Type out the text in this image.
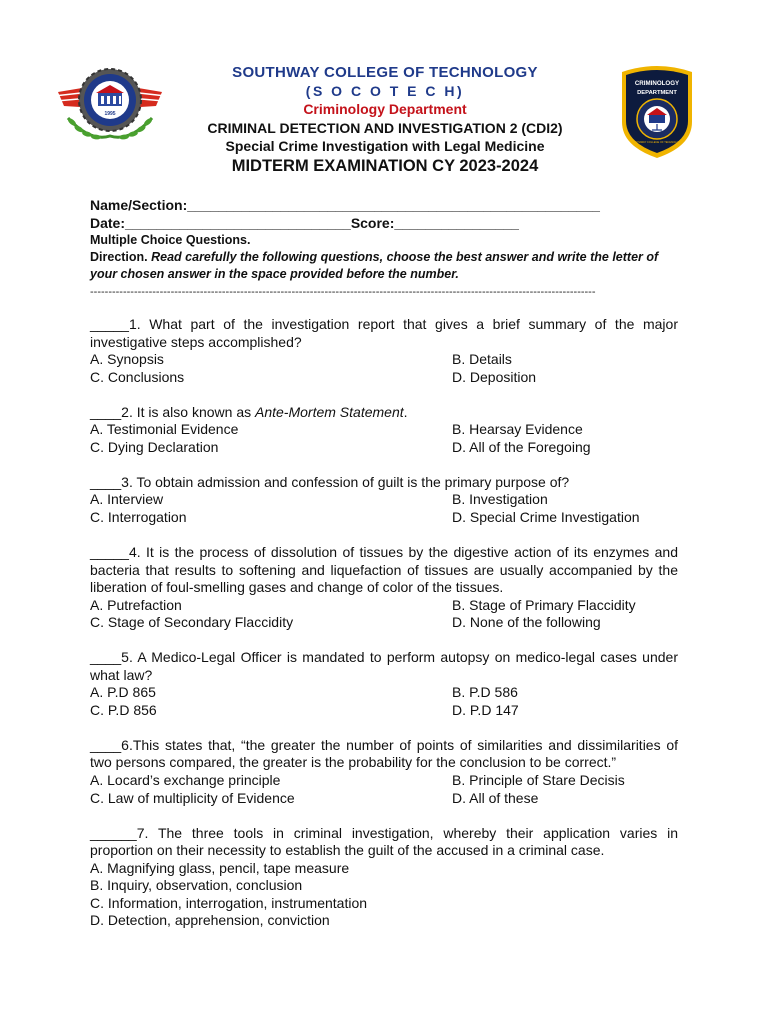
1995
SOUTHWAY COLLEGE OF TECHNOLOGY
(S O C O T E C H)
Criminology Department
CRIMINAL DETECTION AND INVESTIGATION 2 (CDI2)
Special Crime Investigation with Legal Medicine
MIDTERM EXAMINATION CY 2023-2024
CRIMINOLOGY
DEPARTMENT
SOUTHWAY COLLEGE OF TECHNOLOGY
Name/Section:_____________________________________________________
Date:_____________________________Score:________________
Multiple Choice Questions.
Direction. Read carefully the following questions, choose the best answer and write the letter of your chosen answer in the space provided before the number.
------------------------------------------------------------------------------------------------------------------------------------------
_____1. What part of the investigation report that gives a brief summary of the major investigative steps accomplished?
A. Synopsis	B. Details
C. Conclusions	D. Deposition
____2. It is also known as Ante-Mortem Statement.
A. Testimonial Evidence	B. Hearsay Evidence
C. Dying Declaration	D. All of the Foregoing
____3. To obtain admission and confession of guilt is the primary purpose of?
A. Interview	B. Investigation
C. Interrogation	D. Special Crime Investigation
_____4. It is the process of dissolution of tissues by the digestive action of its enzymes and bacteria that results to softening and liquefaction of tissues are usually accompanied by the liberation of foul-smelling gases and change of color of the tissues.
A. Putrefaction	B. Stage of Primary Flaccidity
C. Stage of Secondary Flaccidity	D. None of the following
____5. A Medico-Legal Officer is mandated to perform autopsy on medico-legal cases under what law?
A. P.D 865	B. P.D 586
C. P.D 856	D. P.D 147
____6.This states that, “the greater the number of points of similarities and dissimilarities of two persons compared, the greater is the probability for the conclusion to be correct.”
A. Locard’s exchange principle	B. Principle of Stare Decisis
C. Law of multiplicity of Evidence	D. All of these
______7. The three tools in criminal investigation, whereby their application varies in proportion on their necessity to establish the guilt of the accused in a criminal case.
A. Magnifying glass, pencil, tape measure
B. Inquiry, observation, conclusion
C. Information, interrogation, instrumentation
D. Detection, apprehension, conviction
